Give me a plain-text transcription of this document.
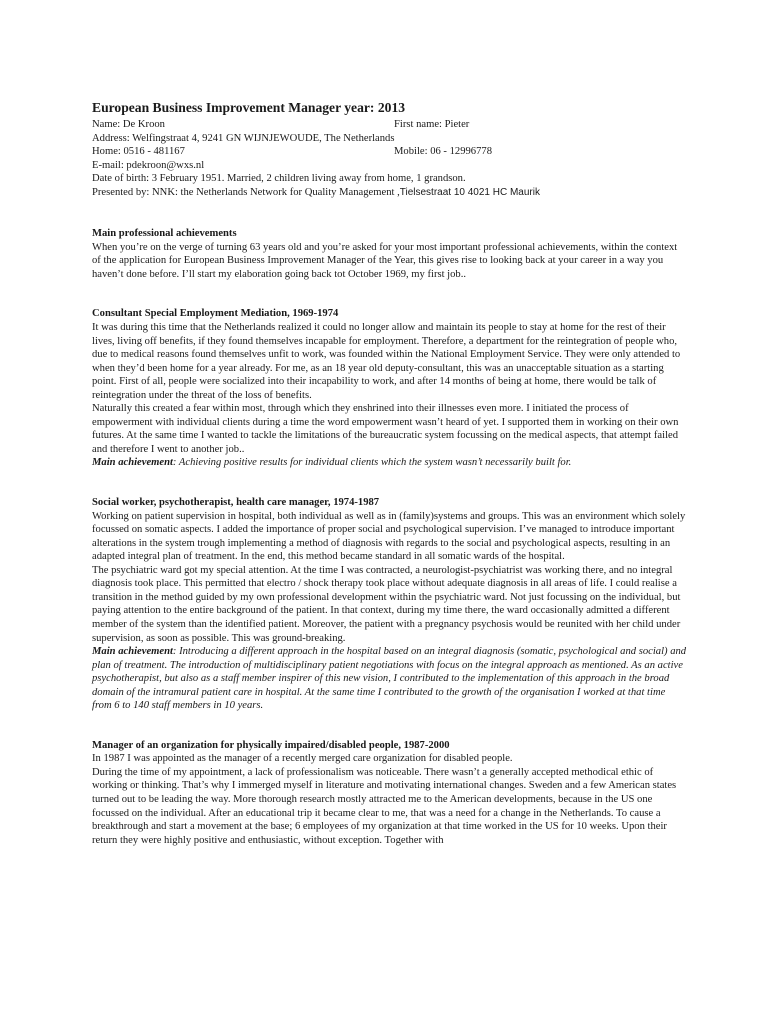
European Business Improvement Manager year: 2013
Name: De Kroon	First name: Pieter
Address: Welfingstraat 4, 9241 GN WIJNJEWOUDE, The Netherlands
Home: 0516 - 481167	Mobile: 06 - 12996778
E-mail: pdekroon@wxs.nl
Date of birth: 3 February 1951. Married, 2 children living away from home, 1 grandson.
Presented by: NNK: the Netherlands Network for Quality Management , Tielsestraat 10 4021 HC Maurik
Main professional achievements

When you’re on the verge of turning 63 years old and you’re asked for your most important professional achievements, within the context of the application for European Business Improvement Manager of the Year, this gives rise to looking back at your career in a way you haven’t done before. I’ll start my elaboration going back tot October 1969, my first job..

Consultant Special Employment Mediation, 1969-1974

It was during this time that the Netherlands realized it could no longer allow and maintain its people to stay at home for the rest of their lives, living off benefits, if they found themselves incapable for employment. Therefore, a department for the reintegration of people who, due to medical reasons found themselves unfit to work, was founded within the National Employment Service. They were only attended to when they’d been home for a year already. For me, as an 18 year old deputy-consultant, this was an unacceptable situation as a starting point. First of all, people were socialized into their incapability to work, and after 14 months of being at home, there would be talk of reintegration under the threat of the loss of benefits.

Naturally this created a fear within most, through which they enshrined into their illnesses even more. I initiated the process of empowerment with individual clients during a time the word empowerment wasn’t heard of yet. I supported them in working on their own futures. At the same time I wanted to tackle the limitations of the bureaucratic system focussing on the medical aspects, that attempt failed and therefore I went to another job..

Main achievement: Achieving positive results for individual clients which the system wasn’t necessarily built for.

Social worker, psychotherapist, health care manager, 1974-1987

Working on patient supervision in hospital, both individual as well as in (family)systems and groups. This was an environment which solely focussed on somatic aspects. I added the importance of proper social and psychological supervision. I’ve managed to introduce important alterations in the system trough implementing a method of diagnosis with regards to the social and psychological aspects, resulting in an adapted integral plan of treatment. In the end, this method became standard in all somatic wards of the hospital.

The psychiatric ward got my special attention. At the time I was contracted, a neurologist-psychiatrist was working there, and no integral diagnosis took place. This permitted that electro / shock therapy took place without adequate diagnosis in all areas of life. I could realise a transition in the method guided by my own professional development within the psychiatric ward. Not just focussing on the individual, but paying attention to the entire background of the patient. In that context, during my time there, the ward occasionally admitted a different member of the system than the identified patient. Moreover, the patient with a pregnancy psychosis would be reunited with her child under supervision, as soon as possible. This was ground-breaking.

Main achievement: Introducing a different approach in the hospital based on an integral diagnosis (somatic, psychological and social) and plan of treatment. The introduction of multidisciplinary patient negotiations with focus on the integral approach as mentioned. As an active psychotherapist, but also as a staff member inspirer of this new vision, I contributed to the implementation of this approach in the broad domain of the intramural patient care in hospital. At the same time I contributed to the growth of the organisation I worked at that time from 6 to 140 staff members in 10 years.

Manager of an organization for physically impaired/disabled people, 1987-2000

In 1987 I was appointed as the manager of a recently merged care organization for disabled people.

During the time of my appointment, a lack of professionalism was noticeable. There wasn’t a generally accepted methodical ethic of working or thinking. That’s why I immerged myself in literature and motivating international changes. Sweden and a few American states turned out to be leading the way. More thorough research mostly attracted me to the American developments, because in the US one focussed on the individual. After an educational trip it became clear to me, that was a need for a change in the Netherlands. To cause a breakthrough and start a movement at the base; 6 employees of my organization at that time worked in the US for 10 weeks. Upon their return they were highly positive and enthusiastic, without exception. Together with
